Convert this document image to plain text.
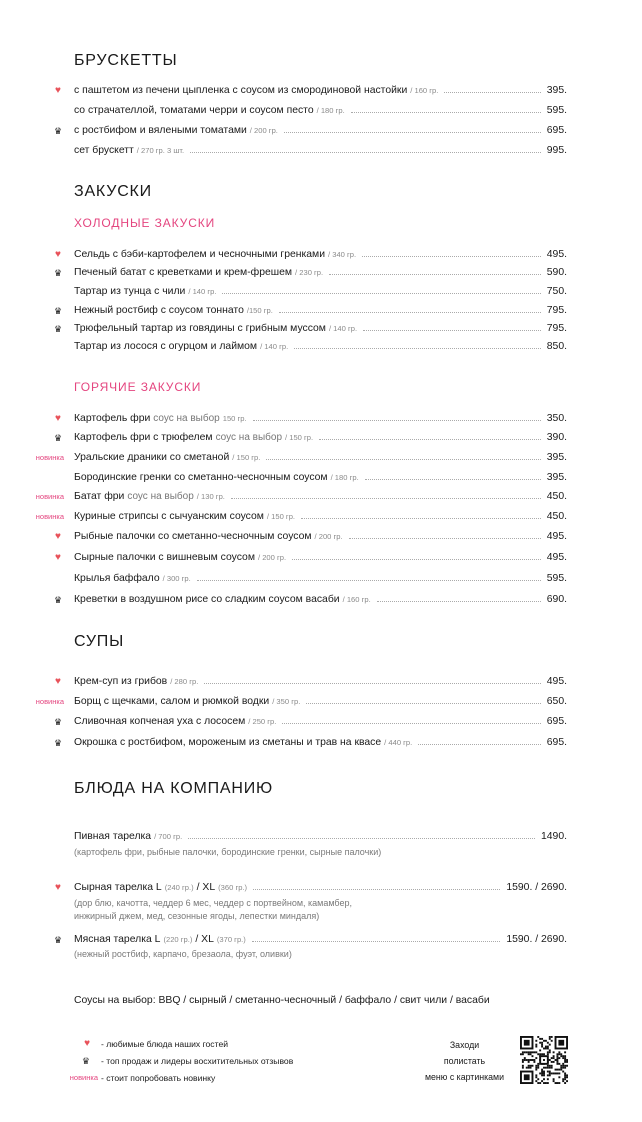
БРУСКЕТТЫ
♥ с паштетом из печени цыпленка с соусом из смородиновой настойки / 160 гр.	395.
со страчателлой, томатами черри и соусом песто / 180 гр.	595.
♛ с ростбифом и вялеными томатами / 200 гр.	695.
сет брускетт / 270 гр. 3 шт.	995.
ЗАКУСКИ
ХОЛОДНЫЕ ЗАКУСКИ
♥ Сельдь с бэби-картофелем и чесночными гренками / 340 гр.	495.
♛ Печеный батат с креветками и крем-фрешем / 230 гр.	590.
Тартар из тунца с чили / 140 гр.	750.
♛ Нежный ростбиф с соусом тоннато /150 гр.	795.
♛ Трюфельный тартар из говядины с грибным муссом / 140 гр.	795.
Тартар из лосося с огурцом и лаймом / 140 гр.	850.
ГОРЯЧИЕ ЗАКУСКИ
♥ Картофель фри соус на выбор 150 гр.	350.
♛ Картофель фри с трюфелем соус на выбор / 150 гр.	390.
новинка Уральские драники со сметаной / 150 гр.	395.
Бородинские гренки со сметанно-чесночным соусом / 180 гр.	395.
новинка Батат фри соус на выбор / 130 гр.	450.
новинка Куриные стрипсы с сычуанским соусом / 150 гр.	450.
♥ Рыбные палочки со сметанно-чесночным соусом / 200 гр.	495.
♥ Сырные палочки с вишневым соусом / 200 гр.	495.
Крылья баффало / 300 гр.	595.
♛ Креветки в воздушном рисе со сладким соусом васаби / 160 гр.	690.
СУПЫ
♥ Крем-суп из грибов / 280 гр.	495.
новинка Борщ с щечками, салом и рюмкой водки / 350 гр.	650.
♛ Сливочная копченая уха с лососем / 250 гр.	695.
♛ Окрошка с ростбифом, мороженым из сметаны и трав на квасе / 440 гр.	695.
БЛЮДА НА КОМПАНИЮ
Пивная тарелка / 700 гр.	1490.
(картофель фри, рыбные палочки, бородинские гренки, сырные палочки)
♥ Сырная тарелка L (240 гр.) / XL (360 гр.)	1590. / 2690.
(дор блю, качотта, чеддер 6 мес, чеддер с портвейном, камамбер,
инжирный джем, мед, сезонные ягоды, лепестки миндаля)
♛ Мясная тарелка L (220 гр.) / XL (370 гр.)	1590. / 2690.
(нежный ростбиф, карпачо, брезаола, фуэт, оливки)
Соусы на выбор: BBQ / сырный / сметанно-чесночный / баффало / свит чили / васаби
♥ - любимые блюда наших гостей
♛ - топ продаж и лидеры восхитительных отзывов
новинка - стоит попробовать новинку
Заходи
полистать
меню с картинками
